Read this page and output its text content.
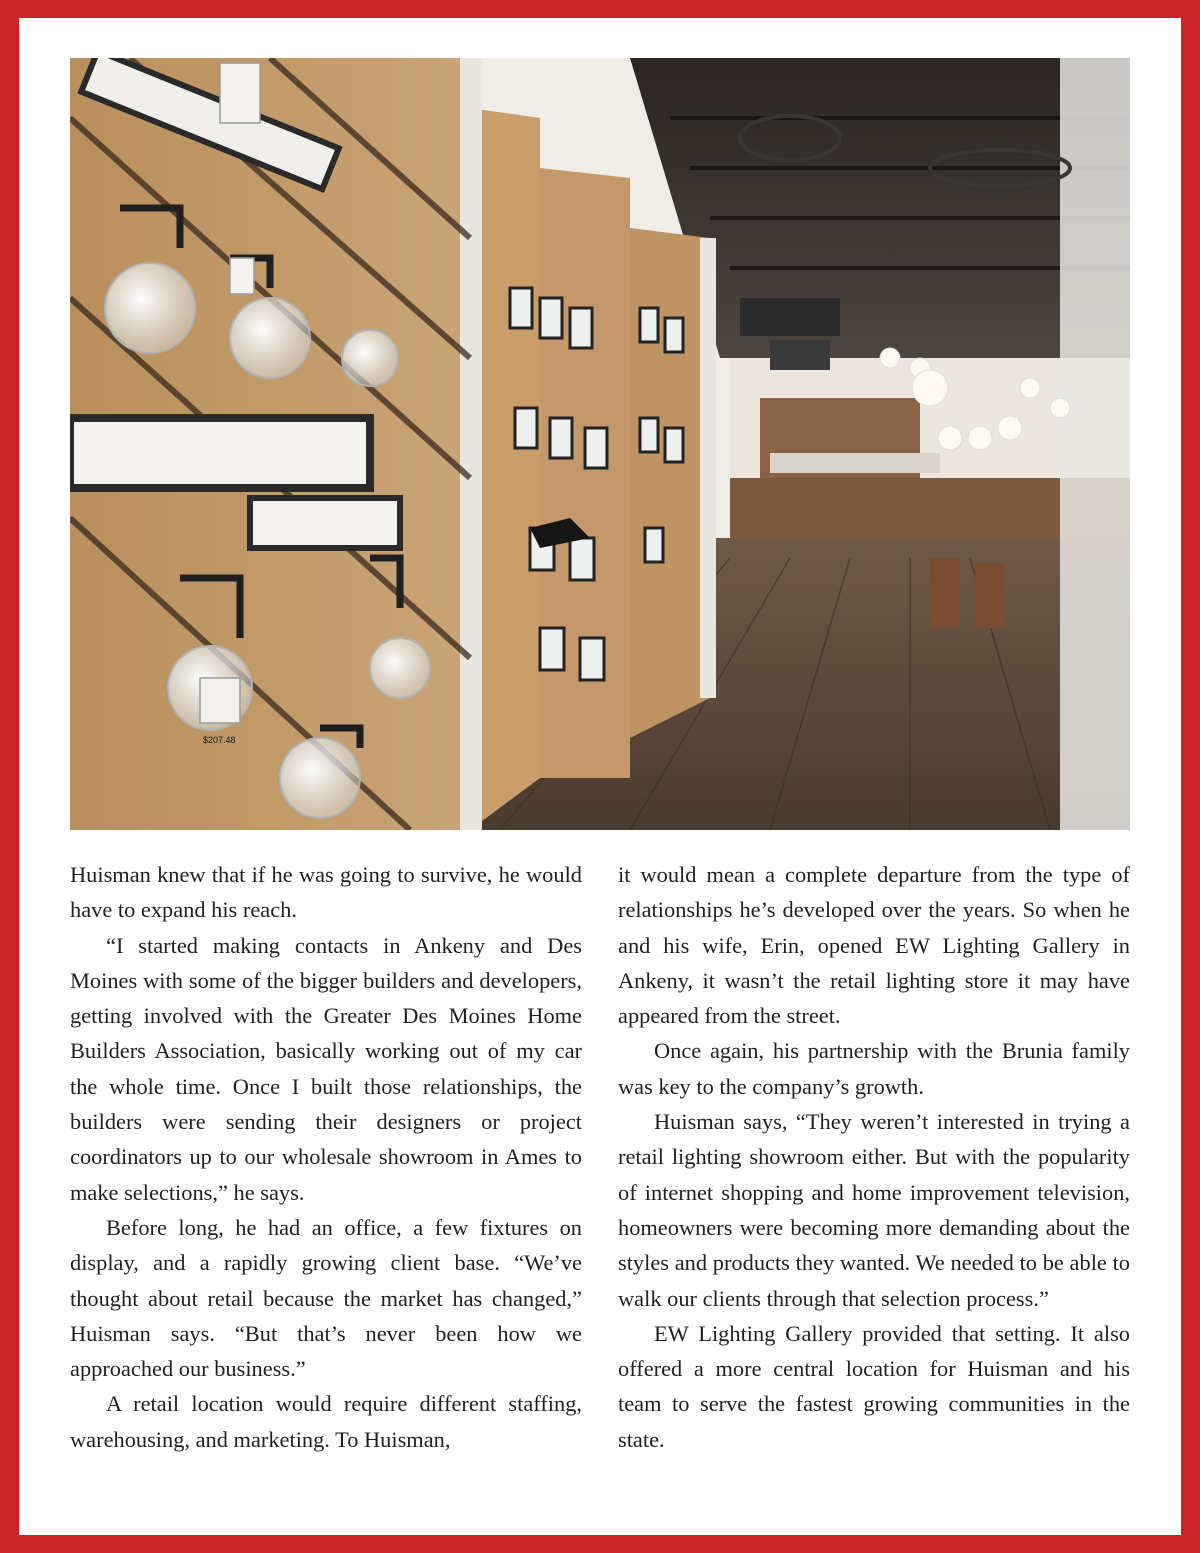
$207.48

Huisman knew that if he was going to survive, he would have to expand his reach.

“I started making contacts in Ankeny and Des Moines with some of the bigger builders and developers, getting involved with the Greater Des Moines Home Builders Association, basically working out of my car the whole time. Once I built those relationships, the builders were sending their designers or project coordinators up to our wholesale showroom in Ames to make selections,” he says.

Before long, he had an office, a few fixtures on display, and a rapidly growing client base. “We’ve thought about retail because the market has changed,” Huisman says. “But that’s never been how we approached our business.”

A retail location would require different staffing, warehousing, and marketing. To Huisman,

it would mean a complete departure from the type of relationships he’s developed over the years. So when he and his wife, Erin, opened EW Lighting Gallery in Ankeny, it wasn’t the retail lighting store it may have appeared from the street.

Once again, his partnership with the Brunia family was key to the company’s growth.

Huisman says, “They weren’t interested in trying a retail lighting showroom either. But with the popularity of internet shopping and home improvement television, homeowners were becoming more demanding about the styles and products they wanted. We needed to be able to walk our clients through that selection process.”

EW Lighting Gallery provided that setting. It also offered a more central location for Huisman and his team to serve the fastest growing communities in the state.
